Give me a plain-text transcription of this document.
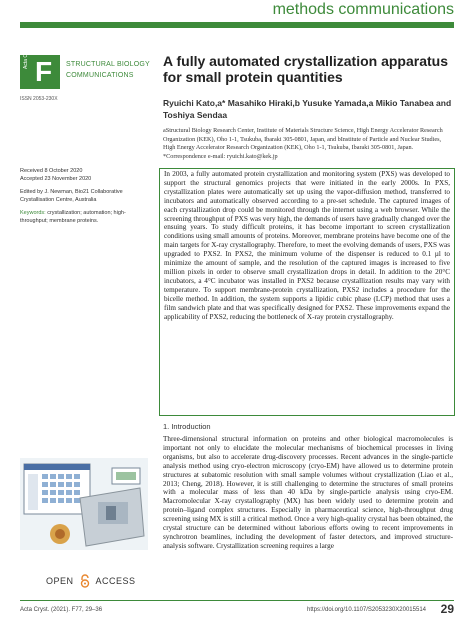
methods communications
Acta Cryst. F STRUCTURAL BIOLOGY
COMMUNICATIONS
ISSN 2053-230X
A fully automated crystallization apparatus for small protein quantities
Ryuichi Kato,a* Masahiko Hiraki,b Yusuke Yamada,a Mikio Tanabea and Toshiya Sendaa
aStructural Biology Research Center, Institute of Materials Structure Science, High Energy Accelerator Research Organization (KEK), Oho 1-1, Tsukuba, Ibaraki 305-0801, Japan, and bInstitute of Particle and Nuclear Studies, High Energy Accelerator Research Organization (KEK), Oho 1-1, Tsukuba, Ibaraki 305-0801, Japan. *Correspondence e-mail: ryuichi.kato@kek.jp

Received 8 October 2020
Accepted 23 November 2020

Edited by J. Newman, Bio21 Collaborative Crystallisation Centre, Australia

Keywords: crystallization; automation; high-throughput; membrane proteins.

In 2003, a fully automated protein crystallization and monitoring system (PXS) was developed to support the structural genomics projects that were initiated in the early 2000s. In PXS, crystallization plates were automatically set up using the vapor-diffusion method, transferred to incubators and automatically observed according to a pre-set schedule. The captured images of each crystallization drop could be monitored through the internet using a web browser. While the screening throughput of PXS was very high, the demands of users have gradually changed over the ensuing years. To study difficult proteins, it has become important to screen crystallization conditions using small amounts of proteins. Moreover, membrane proteins have become one of the main targets for X-ray crystallography. Therefore, to meet the evolving demands of users, PXS was upgraded to PXS2. In PXS2, the minimum volume of the dispenser is reduced to 0.1 µl to minimize the amount of sample, and the resolution of the captured images is increased to five million pixels in order to observe small crystallization drops in detail. In addition to the 20°C incubators, a 4°C incubator was installed in PXS2 because crystallization results may vary with temperature. To support membrane-protein crystallization, PXS2 includes a procedure for the bicelle method. In addition, the system supports a lipidic cubic phase (LCP) method that uses a film sandwich plate and that was specifically designed for PXS2. These improvements expand the applicability of PXS2, reducing the bottleneck of X-ray protein crystallography.
1. Introduction
Three-dimensional structural information on proteins and other biological macromolecules is important not only to elucidate the molecular mechanisms of biochemical processes in living organisms, but also to accelerate drug-discovery processes. Recent advances in the single-particle analysis method using cryo-electron microscopy (cryo-EM) have allowed us to determine protein structures at subatomic resolution with small sample volumes without crystallization (Liao et al., 2013; Cheng, 2018). However, it is still challenging to determine the structures of small proteins with a molecular mass of less than 40 kDa by single-particle analysis using cryo-EM. Macromolecular X-ray crystallography (MX) has been widely used to determine protein and protein–ligand complex structures. Especially in pharmaceutical science, high-throughput drug screening using MX is still a critical method. Once a very high-quality crystal has been obtained, the crystal structure can be determined without laborious efforts owing to recent improvements in synchrotron beamlines, including the development of faster detectors, and improved structure-analysis software. Crystallization screening requires a large
OPEN ACCESS
Acta Cryst. (2021). F77, 29–36	https://doi.org/10.1107/S2053230X20015514 29
